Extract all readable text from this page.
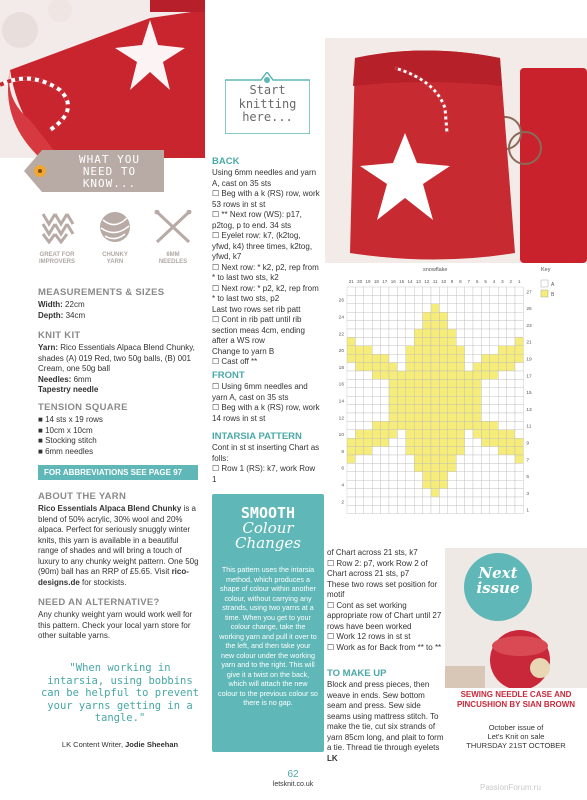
WHAT YOU
NEED TO
KNOW...
GREAT FOR
IMPROVERS
CHUNKY
YARN
6MM
NEEDLES
MEASUREMENTS & SIZES
Width: 22cm
Depth: 34cm
KNIT KIT
Yarn: Rico Essentials Alpaca Blend Chunky, shades (A) 019 Red, two 50g balls, (B) 001 Cream, one 50g ball
Needles: 6mm
Tapestry needle
TENSION SQUARE
■ 14 sts x 19 rows
■ 10cm x 10cm
■ Stocking stitch
■ 6mm needles
FOR ABBREVIATIONS SEE PAGE 97
ABOUT THE YARN
Rico Essentials Alpaca Blend Chunky is a blend of 50% acrylic, 30% wool and 20% alpaca. Perfect for seriously snuggly winter knits, this yarn is available in a beautiful range of shades and will bring a touch of luxury to any chunky weight pattern. One 50g (90m) ball has an RRP of £5.65. Visit rico-designs.de for stockists.
NEED AN ALTERNATIVE?
Any chunky weight yarn would work well for this pattern. Check your local yarn store for other suitable yarns.
"When working in intarsia, using bobbins can be helpful to prevent your yarns getting in a tangle."
LK Content Writer, Jodie Sheehan
Start
knitting
here...
BACK
Using 6mm needles and yarn A, cast on 35 sts
☐ Beg with a k (RS) row, work 53 rows in st st
☐ ** Next row (WS): p17, p2tog, p to end. 34 sts
☐ Eyelet row: k7, (k2tog, yfwd, k4) three times, k2tog, yfwd, k7
☐ Next row: * k2, p2, rep from * to last two sts, k2
☐ Next row: * p2, k2, rep from * to last two sts, p2
Last two rows set rib patt
☐ Cont in rib patt until rib section meas 4cm, ending after a WS row
Change to yarn B
☐ Cast off **
FRONT
☐ Using 6mm needles and yarn A, cast on 35 sts
☐ Beg with a k (RS) row, work 14 rows in st st
INTARSIA PATTERN
Cont in st st inserting Chart as folls:
☐ Row 1 (RS): k7, work Row 1
SMOOTH
Colour
Changes
This pattern uses the intarsia method, which produces a shape of colour within another colour, without carrying any strands, using two yarns at a time. When you get to your colour change, take the working yarn and pull it over to the left, and then take your new colour under the working yarn and to the right. This will give it a twist on the back, which will attach the new colour to the previous colour so there is no gap.
snowflake	Key
21 20 19 18 17 16 15 14 13 12 11 10 9 8 7 6 5 4 3 2 1
27
25
23
21
19
17
15
13
11
9
7
5
3
1
26
24
22
20
18
16
14
12
10
8
6
4
2
A
B
of Chart across 21 sts, k7
☐ Row 2: p7, work Row 2 of Chart across 21 sts, p7
These two rows set position for motif
☐ Cont as set working appropriate row of Chart until 27 rows have been worked
☐ Work 12 rows in st st
☐ Work as for Back from ** to **
TO MAKE UP
Block and press pieces, then weave in ends. Sew bottom seam and press. Sew side seams using mattress stitch. To make the tie, cut six strands of yarn 85cm long, and plait to form a tie. Thread tie through eyelets LK
Next
issue
SEWING NEEDLE CASE AND PINCUSHION BY SIAN BROWN
October issue of
Let's Knit on sale
THURSDAY 21ST OCTOBER
62
letsknit.co.uk	PassionForum.ru
